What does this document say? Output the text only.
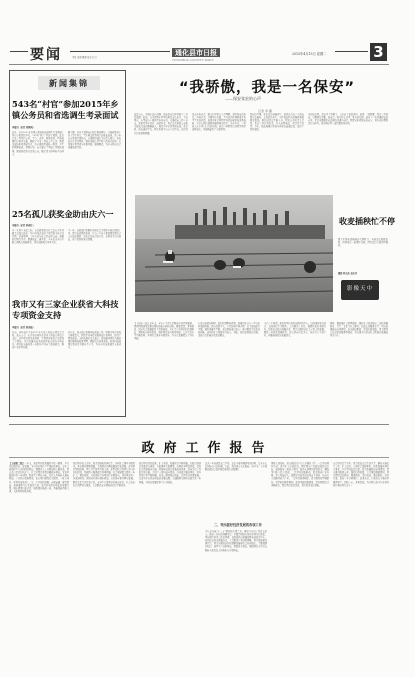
要闻	本报 新闻 要闻 地方 综合
通化县市日报
TONGHUA COUNTY DAILY
2015年4月15日 星期二	3
新闻集锦
543名“村官”参加2015年乡镇公务员和省选调生考录面试
本报讯（记者 刘建国）
近日，全市2015年乡镇公务员和省选调生考录面试工作在市委党校举行，543名“村官”参加了面试。此次考录工作坚持公开、平等、竞争、择优原则，严格按照程序组织实施，确保了考录工作的公平公正。面试采取结构化面试方式，由市委组织部统一组织。考生们精神饱满，积极应答，充分展示了基层工作锻炼成果。面试成绩将于近期公布，随后进入体检和考察环节。
据了解，本次考录面向在村任职满两年、考核称职以上的大学生村官，旨在拓宽优秀村官的成长渠道，进一步充实乡镇干部队伍。市委组织部有关负责人表示，将以此次考录为契机，继续加强大学生村官的培养使用，引导更多优秀青年扎根基层、服务群众，为全市经济社会发展贡献力量。
25名孤儿获奖金助由庆六一
本报讯（记者 赵春红）
六一儿童节来临之际，市民政局联合社会爱心企业开展关爱孤儿活动，为25名孤儿送去了助学奖金和节日礼物。活动现场，工作人员与孩子们亲切交流，鼓励他们努力学习、健康成长。据介绍，今年以来全市不断完善孤儿保障体系，切实保障孤儿基本生活。
下一步，民政部门将继续动员社会力量参与孤儿救助工作，建立长效帮扶机制，让每一个孩子都能感受到社会大家庭的温暖，快乐度过自己的节日，在阳光下茁壮成长。孩子们纷纷表示感谢。
我市又有三家企业获省大科技专项资金支持
本报讯（记者 孙连福）
日前，省科技厅下达2015年度重大科技专项资金计划，我市又有三家企业的项目获得省大科技专项资金支持。这些项目涉及新材料、生物医药和农产品深加工等领域，具有较强的技术创新性和良好的市场前景。项目的实施将进一步提升企业自主创新能力，推动产业转型升级。
近年来，我市高度重视科技创新工作，积极引导企业加大研发投入，组织企业申报各级科技计划项目，取得了明显成效。市科技局负责人表示，将加强对项目实施的跟踪服务和监督管理，确保资金使用效益，促进科技成果尽快转化为现实生产力，为全市经济发展注入新动力。
“我骄傲，我是一名保安”
——保安张宏的心声
记者 李 露
凌晨五点，当城市还在沉睡，保安张宏已经开始了一天的巡逻。他说，每当看到小区里的居民安心出门、平安回家，心里就有一种说不出的自豪。从事保安工作八年来，他始终坚守岗位，兢兢业业，先后多次协助公安机关抓获违法犯罪嫌疑人，被评为全市优秀保安员。他常说，保安虽然平凡，却关系着千家万户的平安，这份责任让他感到骄傲。
张宏告诉记者，刚入行时也有人不理解，觉得保安没出息。但他认为，只要用心去做，平凡的岗位同样能干出不平凡的业绩。他利用业余时间学习消防知识和急救技能，多次在居民遇到困难时伸出援手。去年冬天，一位老人在小区门口突然晕倒，他第一时间进行急救并拨打急救电话，为抢救赢得了宝贵时间。
说起这些事，张宏总是轻描淡写。他说这是每一个保安都应该做的。在他的带动下，小区保安队伍的整体素质明显提高，居民满意度不断上升。物业公司负责人介绍，张宏工作认真负责，为人热情诚恳，深受业主好评。今年，他还被推荐参加全省保安技能比武，取得了优异成绩。
采访结束时，张宏正了正帽子，又走向了他的岗位。他说：“我骄傲，我是一名保安。只要居民需要，我就会一直守护在这里。”朴实的话语，道出了一名普通保安的心声。正是无数像张宏这样的普通劳动者，默默守护着城市的安宁，用行动诠释着责任与担当，成为城市里一道亮丽的风景线。
收麦插秧忙不停
眼下正值收麦插秧的关键时节，各地农民抢抓农时，田间地头一派繁忙景象。图为农民在稻田里插秧。
摄影 韩玉杰 孟庆芳
影像天中
【上接第一版】近年来，全市上下深入贯彻落实科学发展观，紧紧围绕建设富裕文明和谐新家园的目标，解放思想，开拓创新，经济社会发展取得了显著成效。全市生产总值持续快速增长，财政收入稳步提高，城乡居民收入明显增加，人民生活水平不断改善，各项社会事业全面进步，为今后发展奠定了坚实基础。
在肯定成绩的同时，我们也清醒地看到，发展中还存在一些突出问题和困难。经济总量不大，产业结构不够合理，自主创新能力不强；城乡发展不平衡，农民增收难度加大；部分群众生活还比较困难，就业和社会保障压力较大。对此，我们必须高度重视，采取有力措施认真加以解决。
今后一个时期，我们将坚持以经济建设为中心，以改革开放为动力，以改善民生为根本，大力推进工业化、城镇化和农业现代化，加快转变经济发展方式，努力实现经济社会又好又快发展。要进一步优化发展环境，加大招商引资力度，培育壮大主导产业，增强县域经济发展活力。
同时，要加强社会管理创新，维护社会和谐稳定；加快发展教育、卫生、文化等社会事业，提高公共服务水平；切实加强政府自身建设，转变政府职能，提高行政效能，努力建设人民满意的服务型政府，为实现全市经济社会跨越式发展而努力奋斗。
政府工作报告
【上接第二版】一年来，我们坚持把发展作为第一要务，全力以赴抓经济、促发展，全市经济保持了平稳较快增长。全年完成地区生产总值同比增长，规模以上工业增加值大幅提高，固定资产投资持续扩大，社会消费品零售总额稳步增长。农业基础地位进一步巩固，粮食生产再获丰收，农民人均纯收入稳步增加。工业经济提质增效，重点项目建设扎实推进，一批大项目、好项目落地开工。第三产业加快发展，商贸流通、现代物流、旅游服务等行业蓬勃兴起，成为拉动经济增长的重要力量。城市建设日新月异，城乡面貌焕然一新，基础设施不断完善，人居环境明显改善。
我们坚持以人为本，着力保障和改善民生，各项社会事业全面进步。教育事业健康发展，义务教育均衡发展取得新进展，办学条件明显改善。医疗卫生体系不断完善，新型农村合作医疗参合率持续提高，基层医疗服务能力显著增强。社会保障覆盖面进一步扩大，城乡低保、养老保险等各项制度全面落实。就业再就业工作成效明显，新增就业岗位稳步增加。文化体育事业繁荣发展，群众文化生活日益丰富。安全生产形势持续稳定好转，社会治安综合治理深入推进，人民群众安全感和满意度不断提升。
我们坚持深化改革、扩大开放，发展活力不断增强。行政审批制度改革深入推进，审批事项大幅精简，办事效率明显提高。农村综合改革稳步实施，集体林权制度改革成效显著。招商引资工作取得新突破，引进了一批科技含量高、带动能力强的项目。对外经贸合作不断拓展，进出口贸易稳定增长。民营经济快速发展，已成为全市经济增长的重要支撑。金融服务实体经济能力进一步增强，为经济发展提供了有力保障。
过去一年的成绩来之不易，这是市委正确领导的结果，是全市人民团结奋斗的结果。在此，我代表市人民政府，向全市广大干部群众致以崇高的敬意和衷心的感谢！
二、突出抓好经济发展的各项工作
今年是实施“十二五”规划的关键之年，做好今年的工作意义重大。政府工作的总体要求是：全面贯彻落实党的各项方针政策，坚持稳中求进工作总基调，以提高经济发展质量和效益为中心，加快转变经济发展方式，大力推进产业结构调整，着力保障和改善民生，努力实现经济持续健康发展和社会和谐稳定。主要预期目标是：地区生产总值增长，财政收入增长，城镇居民人均可支配收入和农民人均纯收入分别增长。
围绕上述目标，重点抓好以下几个方面的工作：一是坚持项目带动，着力扩大有效投资。紧盯国家产业政策和投资方向，谋划储备一批重大项目，加快在建项目建设进度，确保早日竣工投产见效。二是坚持创新驱动，着力推动产业升级。加大科技投入，鼓励企业技术改造和自主创新，培育壮大战略性新兴产业。三是坚持统筹城乡，着力推进新型城镇化。科学编制城乡规划，加快基础设施建设，提升城镇综合承载能力。四是坚持富民优先，着力促进农民增收。
五是坚持民生为本，着力提高人民生活水平。继续实施民生工程，扩大就业，完善社会保障体系，加快发展各项社会事业。六是坚持依法行政，着力加强政府自身建设。深入推进政务公开，强化行政监督，大力推进廉政建设，努力建设法治政府、服务政府、责任政府、廉洁政府。各位代表，新的一年任务艰巨，使命光荣。让我们在市委的坚强领导下，团结一心，开拓进取，为全面完成今年各项目标任务而努力奋斗！
